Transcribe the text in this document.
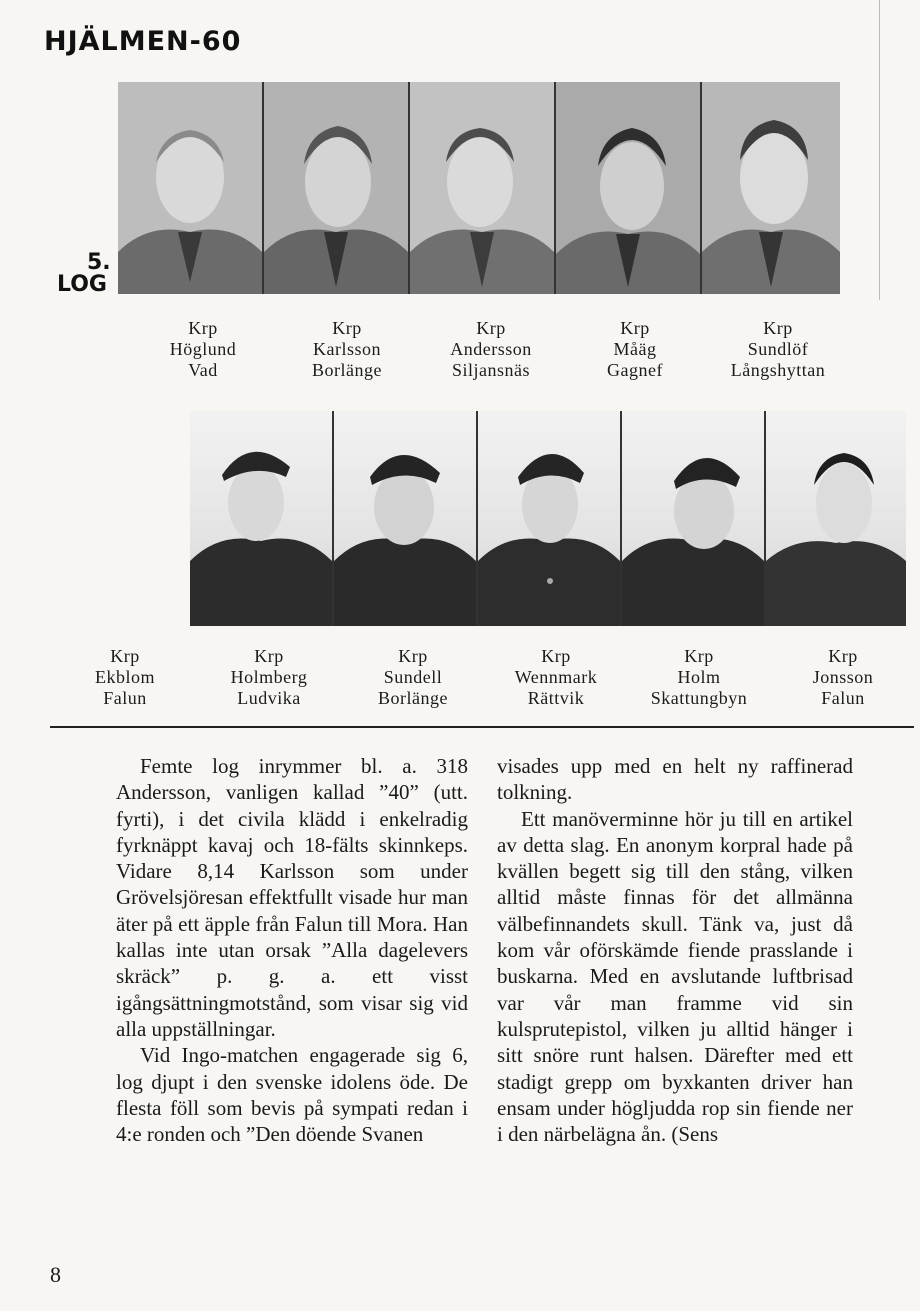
HJÄLMEN-60
5.
LOG
Krp
Höglund
Vad
Krp
Karlsson
Borlänge
Krp
Andersson
Siljansnäs
Krp
Måäg
Gagnef
Krp
Sundlöf
Långshyttan
Krp
Ekblom
Falun
Krp
Holmberg
Ludvika
Krp
Sundell
Borlänge
Krp
Wennmark
Rättvik
Krp
Holm
Skattungbyn
Krp
Jonsson
Falun

Femte log inrymmer bl. a. 318 Andersson, vanligen kallad ”40” (utt. fyrti), i det civila klädd i enkelradig fyrknäppt kavaj och 18-fälts skinnkeps. Vidare 8,14 Karlsson som under Grövelsjöresan effektfullt visade hur man äter på ett äpple från Falun till Mora. Han kallas inte utan orsak ”Alla dagelevers skräck” p. g. a. ett visst igångsättningmotstånd, som visar sig vid alla uppställningar.

Vid Ingo-matchen engagerade sig 6, log djupt i den svenske idolens öde. De flesta föll som bevis på sympati redan i 4:e ronden och ”Den döende Svanen

visades upp med en helt ny raffinerad tolkning.

Ett manöverminne hör ju till en artikel av detta slag. En anonym korpral hade på kvällen begett sig till den stång, vilken alltid måste finnas för det allmänna välbefinnandets skull. Tänk va, just då kom vår oförskämde fiende prasslande i buskarna. Med en avslutande luftbrisad var vår man framme vid sin kulsprutepistol, vilken ju alltid hänger i sitt snöre runt halsen. Därefter med ett stadigt grepp om byxkanten driver han ensam under högljudda rop sin fiende ner i den närbelägna ån. (Sens

8
